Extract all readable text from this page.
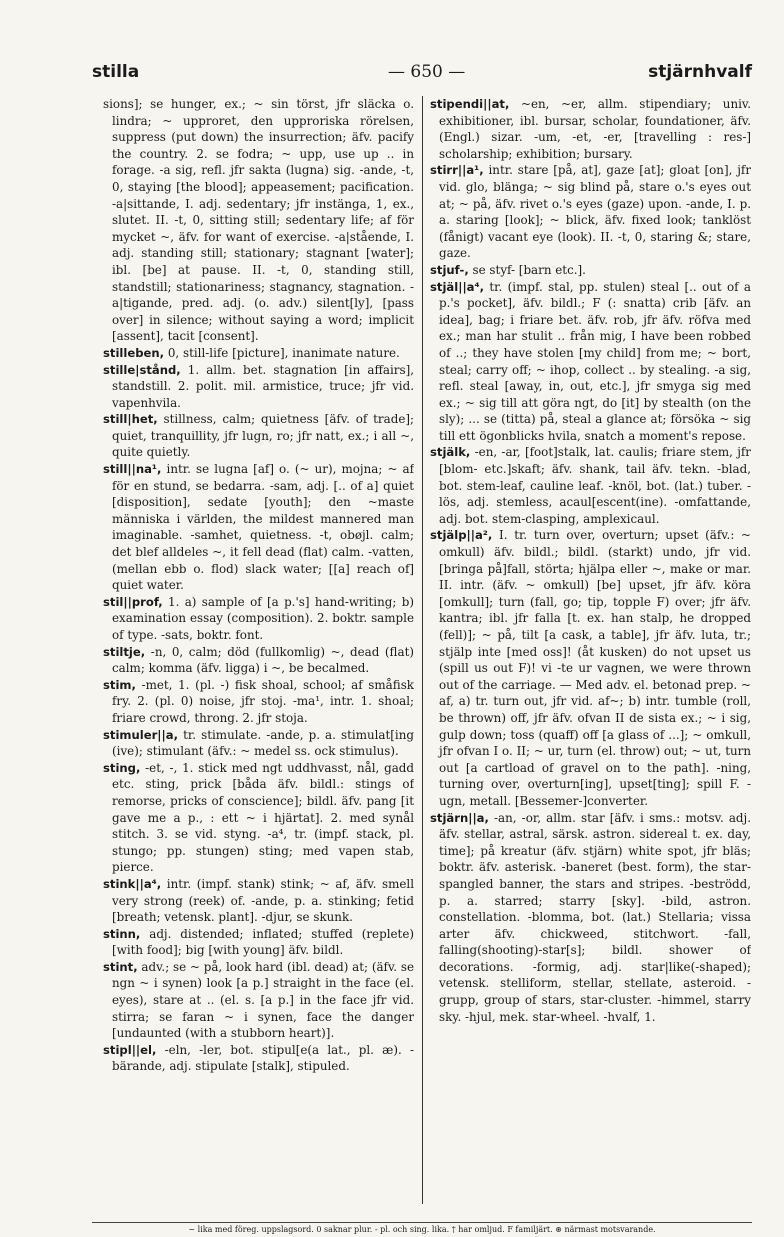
stilla
—	650 —	stjärnhvalf

sions]; se hunger, ex.; ~ sin törst, jfr släcka o. lindra; ~ upproret, den upproriska rörelsen, suppress (put down) the insurrection; äfv. pacify the country. 2. se fodra; ~ upp, use up .. in forage. -a sig, refl. jfr sakta (lugna) sig. -ande, -t, 0, staying [the blood]; appeasement; pacification. -a|sittande, I. adj. sedentary; jfr instänga, 1, ex., slutet. II. -t, 0, sitting still; sedentary life; af för mycket ~, äfv. for want of exercise. -a|stående, I. adj. standing still; stationary; stagnant [water]; ibl. [be] at pause. II. -t, 0, standing still, standstill; stationariness; stagnancy, stagnation. -a|tigande, pred. adj. (o. adv.) silent[ly], [pass over] in silence; without saying a word; implicit [assent], tacit [consent].

stilleben, 0, still-life [picture], inanimate nature.

stille|stånd, 1. allm. bet. stagnation [in affairs], standstill. 2. polit. mil. armistice, truce; jfr vid. vapenhvila.

still|het, stillness, calm; quietness [äfv. of trade]; quiet, tranquillity, jfr lugn, ro; jfr natt, ex.; i all ~, quite quietly.

still||na¹, intr. se lugna [af] o. (~ ur), mojna; ~ af för en stund, se bedarra. -sam, adj. [.. of a] quiet [disposition], sedate [youth]; den ~maste människa i världen, the mildest mannered man imaginable. -samhet, quietness. -t, obøjl. calm; det blef alldeles ~, it fell dead (flat) calm. -vatten, (mellan ebb o. flod) slack water; [[a] reach of] quiet water.

stil||prof, 1. a) sample of [a p.'s] hand-writing; b) examination essay (composition). 2. boktr. sample of type. -sats, boktr. font.

stiltje, -n, 0, calm; död (fullkomlig) ~, dead (flat) calm; komma (äfv. ligga) i ~, be becalmed.

stim, -met, 1. (pl. -) fisk shoal, school; af småfisk fry. 2. (pl. 0) noise, jfr stoj. -ma¹, intr. 1. shoal; friare crowd, throng. 2. jfr stoja.

stimuler||a, tr. stimulate. -ande, p. a. stimulat[ing (ive); stimulant (äfv.: ~ medel ss. ock stimulus).

sting, -et, -, 1. stick med ngt uddhvasst, nål, gadd etc. sting, prick [båda äfv. bildl.: stings of remorse, pricks of conscience]; bildl. äfv. pang [it gave me a p., : ett ~ i hjärtat]. 2. med synål stitch. 3. se vid. styng. -a⁴, tr. (impf. stack, pl. stungo; pp. stungen) sting; med vapen stab, pierce.

stink||a⁴, intr. (impf. stank) stink; ~ af, äfv. smell very strong (reek) of. -ande, p. a. stinking; fetid [breath; vetensk. plant]. -djur, se skunk.

stinn, adj. distended; inflated; stuffed (replete) [with food]; big [with young] äfv. bildl.

stint, adv.; se ~ på, look hard (ibl. dead) at; (äfv. se ngn ~ i synen) look [a p.] straight in the face (el. eyes), stare at .. (el. s. [a p.] in the face jfr vid. stirra; se faran ~ i synen, face the danger [undaunted (with a stubborn heart)].

stipl||el, -eln, -ler, bot. stipul[e(a lat., pl. æ). -bärande, adj. stipulate [stalk], stipuled.

stipendi||at, ~en, ~er, allm. stipendiary; univ. exhibitioner, ibl. bursar, scholar, foundationer, äfv. (Engl.) sizar. -um, -et, -er, [travelling : res-] scholarship; exhibition; bursary.

stirr||a¹, intr. stare [på, at], gaze [at]; gloat [on], jfr vid. glo, blänga; ~ sig blind på, stare o.'s eyes out at; ~ på, äfv. rivet o.'s eyes (gaze) upon. -ande, I. p. a. staring [look]; ~ blick, äfv. fixed look; tanklöst (fånigt) vacant eye (look). II. -t, 0, staring &; stare, gaze.

stjuf-, se styf- [barn etc.].

stjäl||a⁴, tr. (impf. stal, pp. stulen) steal [.. out of a p.'s pocket], äfv. bildl.; F (: snatta) crib [äfv. an idea], bag; i friare bet. äfv. rob, jfr äfv. röfva med ex.; man har stulit .. från mig, I have been robbed of ..; they have stolen [my child] from me; ~ bort, steal; carry off; ~ ihop, collect .. by stealing. -a sig, refl. steal [away, in, out, etc.], jfr smyga sig med ex.; ~ sig till att göra ngt, do [it] by stealth (on the sly); ... se (titta) på, steal a glance at; försöka ~ sig till ett ögonblicks hvila, snatch a moment's repose.

stjälk, -en, -ar, [foot]stalk, lat. caulis; friare stem, jfr [blom- etc.]skaft; äfv. shank, tail äfv. tekn. -blad, bot. stem-leaf, cauline leaf. -knöl, bot. (lat.) tuber. -lös, adj. stemless, acaul[escent(ine). -omfattande, adj. bot. stem-clasping, amplexicaul.

stjälp||a², I. tr. turn over, overturn; upset (äfv.: ~ omkull) äfv. bildl.; bildl. (starkt) undo, jfr vid. [bringa på]fall, störta; hjälpa eller ~, make or mar. II. intr. (äfv. ~ omkull) [be] upset, jfr äfv. köra [omkull]; turn (fall, go; tip, topple F) over; jfr äfv. kantra; ibl. jfr falla [t. ex. han stalp, he dropped (fell)]; ~ på, tilt [a cask, a table], jfr äfv. luta, tr.; stjälp inte [med oss]! (åt kusken) do not upset us (spill us out F)! vi -te ur vagnen, we were thrown out of the carriage. — Med adv. el. betonad prep. ~ af, a) tr. turn out, jfr vid. af~; b) intr. tumble (roll, be thrown) off, jfr äfv. ofvan II de sista ex.; ~ i sig, gulp down; toss (quaff) off [a glass of ...]; ~ omkull, jfr ofvan I o. II; ~ ur, turn (el. throw) out; ~ ut, turn out [a cartload of gravel on to the path]. -ning, turning over, overturn[ing], upset[ting]; spill F. -ugn, metall. [Bessemer-]converter.

stjärn||a, -an, -or, allm. star [äfv. i sms.: motsv. adj. äfv. stellar, astral, särsk. astron. sidereal t. ex. day, time]; på kreatur (äfv. stjärn) white spot, jfr bläs; boktr. äfv. asterisk. -baneret (best. form), the star-spangled banner, the stars and stripes. -beströdd, p. a. starred; starry [sky]. -bild, astron. constellation. -blomma, bot. (lat.) Stellaria; vissa arter äfv. chickweed, stitchwort. -fall, falling(shooting)-star[s]; bildl. shower of decorations. -formig, adj. star|like(-shaped); vetensk. stelliform, stellar, stellate, asteroid. -grupp, group of stars, star-cluster. -himmel, starry sky. -hjul, mek. star-wheel. -hvalf, 1.

~ lika med föreg. uppslagsord. 0 saknar plur. - pl. och sing. lika. † har omljud. F familjärt. ⊛ närmast motsvarande.
